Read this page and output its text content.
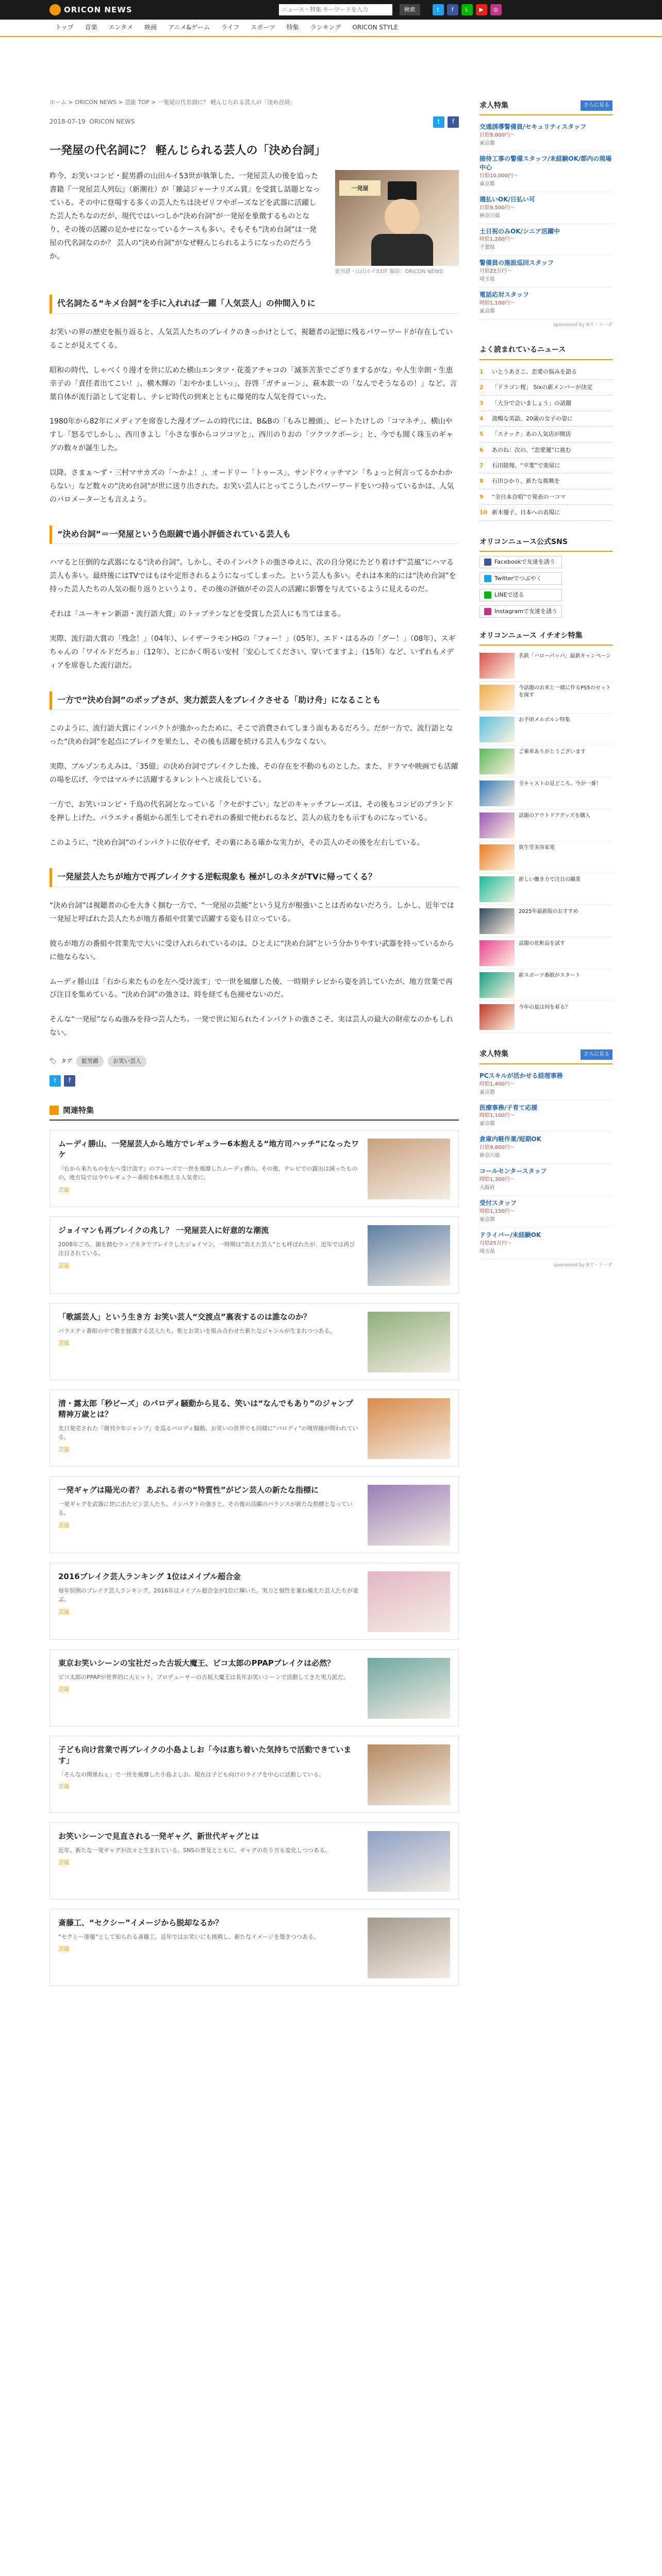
ORICON NEWS
ニュース・特集 キーワードを入力	検索	t	f	L	▶	◎
トップ	音楽	エンタメ	映画	アニメ&ゲーム	ライフ	スポーツ	特集	ランキング	ORICON STYLE
ホーム > ORICON NEWS > 芸能 TOP > 一発屋の代名詞に？ 軽んじられる芸人の「決め台詞」
2018-07-19 ORICON NEWS	t	f
一発屋の代名詞に？ 軽んじられる芸人の「決め台詞」

昨今、お笑いコンビ・髭男爵の山田ルイ53世が執筆した、一発屋芸人の後を追った書籍『一発屋芸人列伝』（新潮社）が「雑誌ジャーナリズム賞」を受賞し話題となっている。その中に登場する多くの芸人たちは決ゼリフやポーズなどを武器に活躍した芸人たちなのだが、現代ではいつしか“決め台詞”が一発屋を象徴するものとなり、その後の活躍の足かせになっているケースも多い。そもそも“決め台詞”は一発屋の代名詞なのか？ 芸人の“決め台詞”がなぜ軽んじられるようになったのだろうか。

一発屋
髭男爵・山田ルイ53世 撮影：ORICON NEWS
代名詞たる“キメ台詞”を手に入れれば一躍「人気芸人」の仲間入りに

お笑いの界の歴史を振り返ると、人気芸人たちのブレイクのきっかけとして、視聴者の記憶に残るパワーワードが存在していることが見えてくる。

昭和の時代、しゃべくり漫才を世に広めた横山エンタツ・花菱アチャコの「滅茶苦茶でござりまするがな」や人生幸朗・生恵幸子の「責任者出てこい！」、横木輝の「おやかましいっ」、谷啓「ガチョーン」、萩本欽一の「なんでそうなるの！」など、言葉自体が流行語として定着し、テレビ時代の到来とともに爆発的な人気を得ていった。

1980年から82年にメディアを席巻した漫才ブームの時代には、B&Bの「もみじ饅頭」、ビートたけしの「コマネチ」、横山やすし「怒るでしかし」、西川きよし「小さな事からコツコツと」、西川のりおの「ツクツクボーシ」と、今でも聞く珠玉のギャグの数々が誕生した。

以降、さまぁ～ず・三村マサカズの「～かよ！」、オードリー「トゥース」、サンドウィッチマン「ちょっと何言ってるかわからない」など数々の“決め台詞”が世に送り出された。お笑い芸人にとってこうしたパワーワードをいつ持っているかは、人気のバロメーターとも言えよう。

“決め台詞”＝一発屋という色眼鏡で過小評価されている芸人も

ハマると圧倒的な武器になる“決め台詞”。しかし、そのインパクトの強さゆえに、次の自分発にたどり着けず“芸風”にハマる芸人も多い。最終後にはTVではもはや定形されるようになってしまった。という芸人も多い。それは本来的には“決め台詞”を持った芸人たちの人気の振り返りというより、その後の評価がその芸人の活躍に影響を与えているように見えるのだ。

それは「ユーキャン新語・流行語大賞」のトップテンなどを受賞した芸人にも当てはまる。

実際、流行語大賞の「残念！」（04年）、レイザーラモンHGの「フォー！」（05年）、エド・はるみの「グー！」（08年）、スギちゃんの「ワイルドだろぉ」（12年）、とにかく明るい安村「安心してください、穿いてますよ」（15年）など、いずれもメディアを席巻した流行語だ。

一方で“決め台詞”のポップさが、実力派芸人をブレイクさせる「助け舟」になることも

このように、流行語大賞にインパクトが強かったために、そこで消費されてしまう面もあるだろう。だが一方で、流行語となった“決め台詞”を起点にブレイクを果たし、その後も活躍を続ける芸人も少なくない。

実際、ブルゾンちえみは、「35億」の決め台詞でブレイクした後、その存在を不動のものとした。また、ドラマや映画でも活躍の場を広げ、今ではマルチに活躍するタレントへと成長している。

一方で、お笑いコンビ・千鳥の代名詞となっている「クセがすごい」などのキャッチフレーズは、その後もコンビのブランドを押し上げた。バラエティ番組から派生してそれぞれの番組で使われるなど、芸人の底力をも示すものになっている。

このように、“決め台詞”のインパクトに依存せず、その裏にある確かな実力が、その芸人のその後を左右している。

一発屋芸人たちが地方で再ブレイクする逆転現象も 極がしのネタがTVに帰ってくる？

“決め台詞”は視聴者の心を大きく掴む一方で、“一発屋の芸能”という見方が根強いことは否めないだろう。しかし、近年では一発屋と呼ばれた芸人たちが地方番組や営業で活躍する姿も目立っている。

彼らが地方の番組や営業先で大いに受け入れられているのは、ひとえに“決め台詞”という分かりやすい武器を持っているからに他ならない。

ムーディ勝山は「右から来たものを左へ受け流す」で一世を風靡した後、一時期テレビから姿を消していたが、地方営業で再び注目を集めている。“決め台詞”の強さは、時を経ても色褪せないのだ。

そんな“一発屋”ならぬ強みを持つ芸人たち。一発で世に知られたインパクトの強さこそ、実は芸人の最大の財産なのかもしれない。

🏷 タグ	髭男爵	お笑い芸人
t	f
関連特集
ムーディ勝山、一発屋芸人から地方でレギュラー6本抱える“地方司ハッチ”になったワケ
『右から来たものを左へ受け流す』のフレーズで一世を風靡したムーディ勝山。その後、テレビでの露出は減ったものの、地方局では今やレギュラー番組を6本抱える人気者に。
芸能
ジョイマンも再ブレイクの兆し？ 一発屋芸人に好意的な潮流
2008年ごろ、韻を踏むラップネタでブレイクしたジョイマン。一時期は“消えた芸人”とも呼ばれたが、近年では再び注目されている。
芸能
「歌謡芸人」という生き方 お笑い芸人“交渡点”裏表するのは誰なのか？
バラエティ番組の中で歌を披露する芸人たち。歌とお笑いを組み合わせた新たなジャンルが生まれつつある。
芸能
清・露太郎「秒ビーズ」のパロディ騒動から見る、笑いは“なんでもあり”のジャンプ精神万歳とは？
先日発売された『週刊少年ジャンプ』を巡るパロディ騒動。お笑いの世界でも同様に“パロディ”の境界線が問われている。
芸能
一発ギャグは陽光の者？ あぶれる者の“特質性”がピン芸人の新たな指標に
一発ギャグを武器に世に出たピン芸人たち。インパクトの強さと、その後の活躍のバランスが新たな指標となっている。
芸能
2016ブレイク芸人ランキング 1位はメイプル超合金
毎年恒例のブレイク芸人ランキング。2016年はメイプル超合金が1位に輝いた。実力と個性を兼ね備えた芸人たちが並ぶ。
芸能
東京お笑いシーンの宝社だった古坂大魔王、ピコ太郎のPPAPブレイクは必然？
ピコ太郎のPPAPが世界的に大ヒット。プロデューサーの古坂大魔王は長年お笑いシーンで活動してきた実力派だ。
芸能
子ども向け営業で再ブレイクの小島よしお「今は恵ち着いた気持ちで活動できています」
「そんなの関係ねぇ」で一世を風靡した小島よしお。現在は子ども向けのライブを中心に活動している。
芸能
お笑いシーンで見直される一発ギャグ、新世代ギャグとは
近年、新たな一発ギャグが次々と生まれている。SNSの普及とともに、ギャグの在り方も変化しつつある。
芸能
斎藤工、“セクシー”イメージから脱却なるか？
“セクシー俳優”として知られる斎藤工。近年ではお笑いにも挑戦し、新たなイメージを築きつつある。
芸能
求人特集	さらに見る
交通誘導警備員/セキュリティスタッフ
日給9,000円～
東京都
接待工事の警備スタッフ/未経験OK/都内の現場中心
日給10,000円～
東京都
週払いOK/日払い可
日給9,500円～
神奈川県
土日祝のみOK/シニア活躍中
時給1,200円～
千葉県
警備員の施設巡回スタッフ
月給22万円～
埼玉県
電話応対スタッフ
時給1,100円～
東京都
sponsored by Bズ・リーダ
よく読まれているニュース
1	いとうあさこ、恋愛の悩みを語る
2	「ドラゴン桜」 Sixの新メンバーが決定
3	「大分で会いましょう」の話題
4	流暢な英語、20歳の女子の姿に
5	「スナック」あの人気店が開店
6	あのね：次の、“恋愛運”に挑む
7	石田陸翔、“卒業”で楽屋に
8	石田ひかり、新たな挑戦を
9	“全日本合唱”で発表の一コマ
10 新木優子、日本への表現に
オリコンニュース公式SNS
Facebookで友達を誘う
Twitterでつぶやく
LINEで送る
Instagramで友達を誘う
オリコンニュース イチオシ特集
名鉄「ハローパッパ」最新キャンペーン
今話題のお米と一緒に作るPS5のセットを探す
お手頃メルボルン特集
ご乗車ありがとうございます
全キャストの見どころ、今が一番！
話題のアウトドアグッズを購入
資生堂美容家電
新しい働き方で注目の職業
2025年最新版のおすすめ
話題の化粧品を試す
新スポーツ番組がスタート
今年の夏は何を着る？
求人特集	さらに見る
PCスキルが活かせる経理事務
時給1,400円～
東京都
医療事務/子育て応援
時給1,100円～
東京都
倉庫内軽作業/短期OK
日給9,800円～
神奈川県
コールセンタースタッフ
時給1,300円～
大阪府
受付スタッフ
時給1,150円～
東京都
ドライバー/未経験OK
月給25万円～
埼玉県
sponsored by Bズ・リーダ
